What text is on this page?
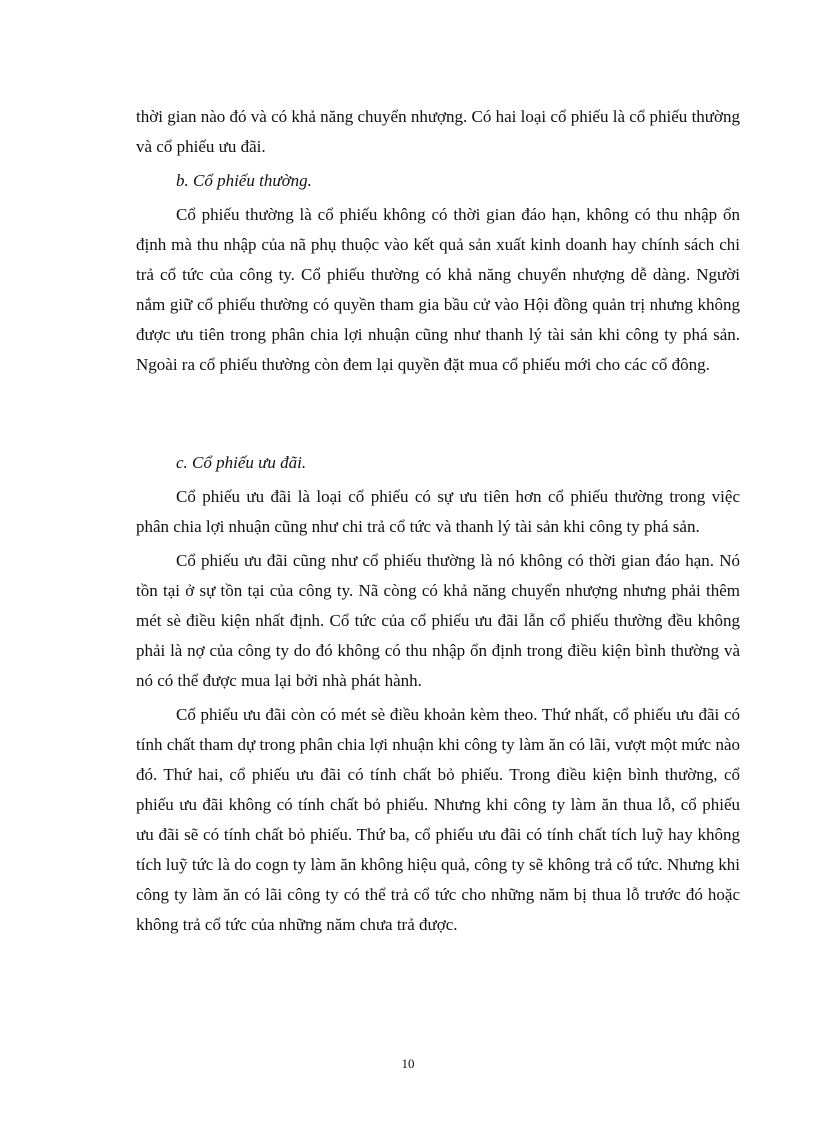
thời gian nào đó và có khả năng chuyển nhượng. Có hai loại cổ phiếu là cổ phiếu thường và cổ phiếu ưu đãi.

b. Cổ phiếu thường.

Cổ phiếu thường là cổ phiếu không có thời gian đáo hạn, không có thu nhập ổn định mà thu nhập của nã phụ thuộc vào kết quả sản xuất kinh doanh hay chính sách chi trả cổ tức của công ty. Cổ phiếu thường có khả năng chuyển nhượng dễ dàng. Người nắm giữ cổ phiếu thường có quyền tham gia bầu cử vào Hội đồng quản trị nhưng không được ưu tiên trong phân chia lợi nhuận cũng như thanh lý tài sản khi công ty phá sản. Ngoài ra cổ phiếu thường còn đem lại quyền đặt mua cổ phiếu mới cho các cổ đông.

c. Cổ phiếu ưu đãi.

Cổ phiếu ưu đãi là loại cổ phiếu có sự ưu tiên hơn cổ phiếu thường trong việc phân chia lợi nhuận cũng như chi trả cổ tức và thanh lý tài sản khi công ty phá sản.

Cổ phiếu ưu đãi cũng như cổ phiếu thường là nó không có thời gian đáo hạn. Nó tồn tại ở sự tồn tại của công ty. Nã còng có khả năng chuyển nhượng nhưng phải thêm mét sè điều kiện nhất định. Cổ tức của cổ phiếu ưu đãi lẫn cổ phiếu thường đều không phải là nợ của công ty do đó không có thu nhập ổn định trong điều kiện bình thường và nó có thể được mua lại bởi nhà phát hành.

Cổ phiếu ưu đãi còn có mét sè điều khoản kèm theo. Thứ nhất, cổ phiếu ưu đãi có tính chất tham dự trong phân chia lợi nhuận khi công ty làm ăn có lãi, vượt một mức nào đó. Thứ hai, cổ phiếu ưu đãi có tính chất bỏ phiếu. Trong điều kiện bình thường, cổ phiếu ưu đãi không có tính chất bỏ phiếu. Nhưng khi công ty làm ăn thua lỗ, cổ phiếu ưu đãi sẽ có tính chất bỏ phiếu. Thứ ba, cổ phiếu ưu đãi có tính chất tích luỹ hay không tích luỹ tức là do cogn ty làm ăn không hiệu quả, công ty sẽ không trả cổ tức. Nhưng khi công ty làm ăn có lãi công ty có thể trả cổ tức cho những năm bị thua lỗ trước đó hoặc không trả cổ tức của những năm chưa trả được.

10
